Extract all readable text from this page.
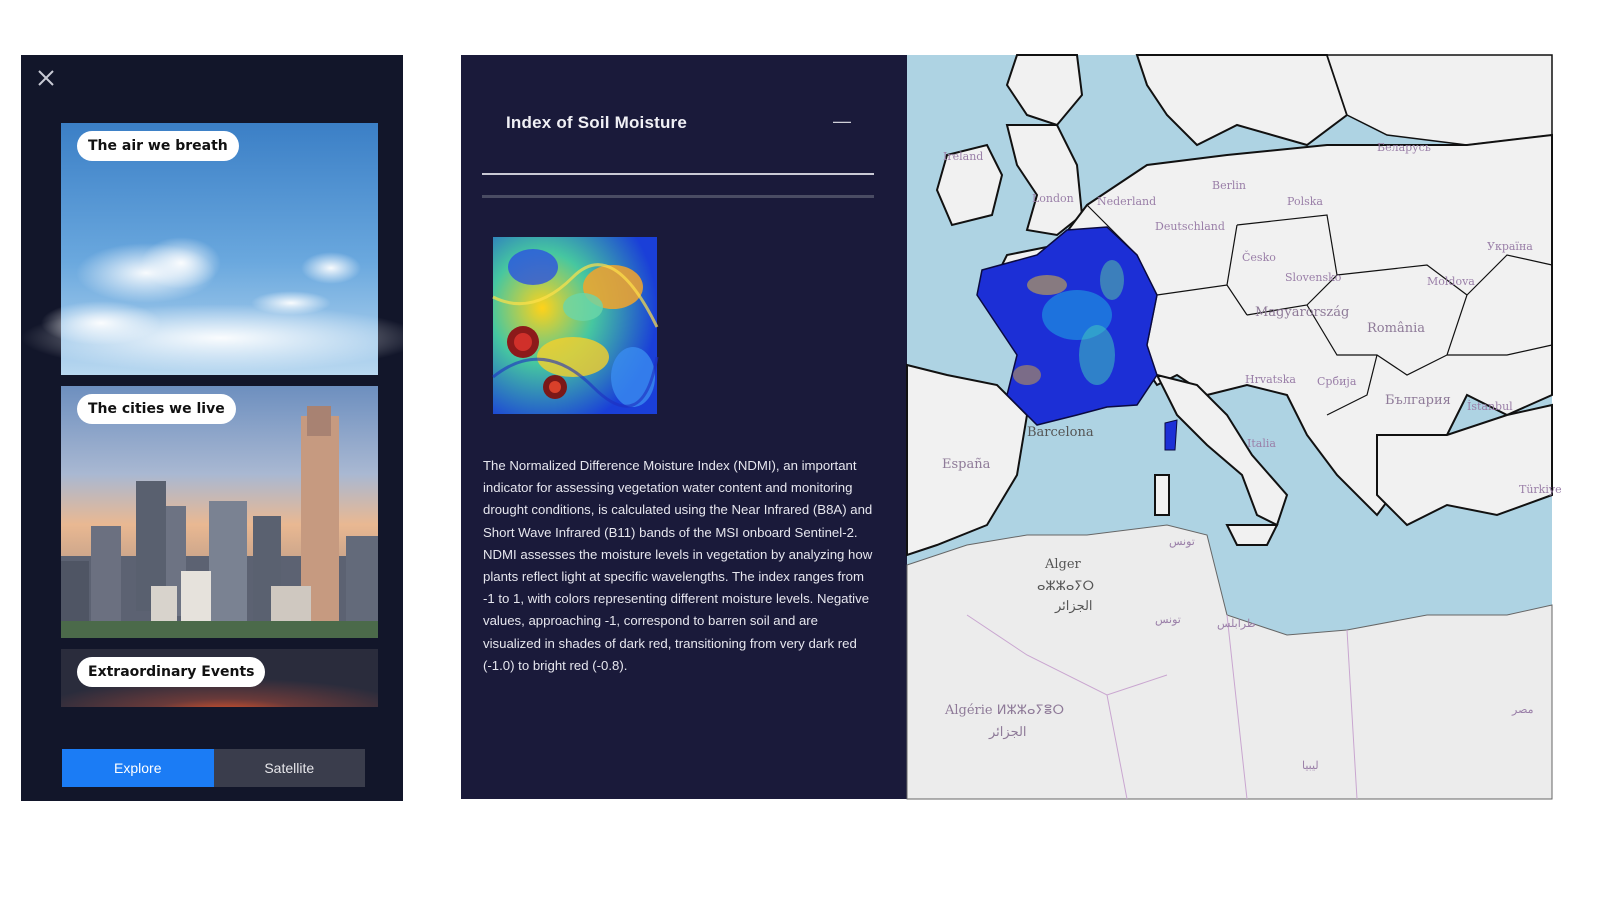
The air we breath
The cities we live
Extraordinary Events
Explore	Satellite
Index of Soil Moisture	—

The Normalized Difference Moisture Index (NDMI), an important indicator for assessing vegetation water content and monitoring drought conditions, is calculated using the Near Infrared (B8A) and Short Wave Infrared (B11) bands of the MSI onboard Sentinel-2. NDMI assesses the moisture levels in vegetation by analyzing how plants reflect light at specific wavelengths. The index ranges from -1 to 1, with colors representing different moisture levels. Negative values, approaching -1, correspond to barren soil and are visualized in shades of dark red, transitioning from very dark red (-1.0) to bright red (-0.8).

Ireland
London Nederland
Berlin
Deutschland
Polska
Беларусь
Україна
Česko
Slovensko
Magyarország
România
Moldova
Hrvatska Србија
България İstanbul
Barcelona
España
Italia
Türkiye
Alger
ⴰⵣⵣⴰⵢⵔ
الجزائر
تونس
تونس	طرابلس
Algérie ⵍⵣⵣⴰⵢⴻⵔ
الجزائر
ليبيا
مصر
